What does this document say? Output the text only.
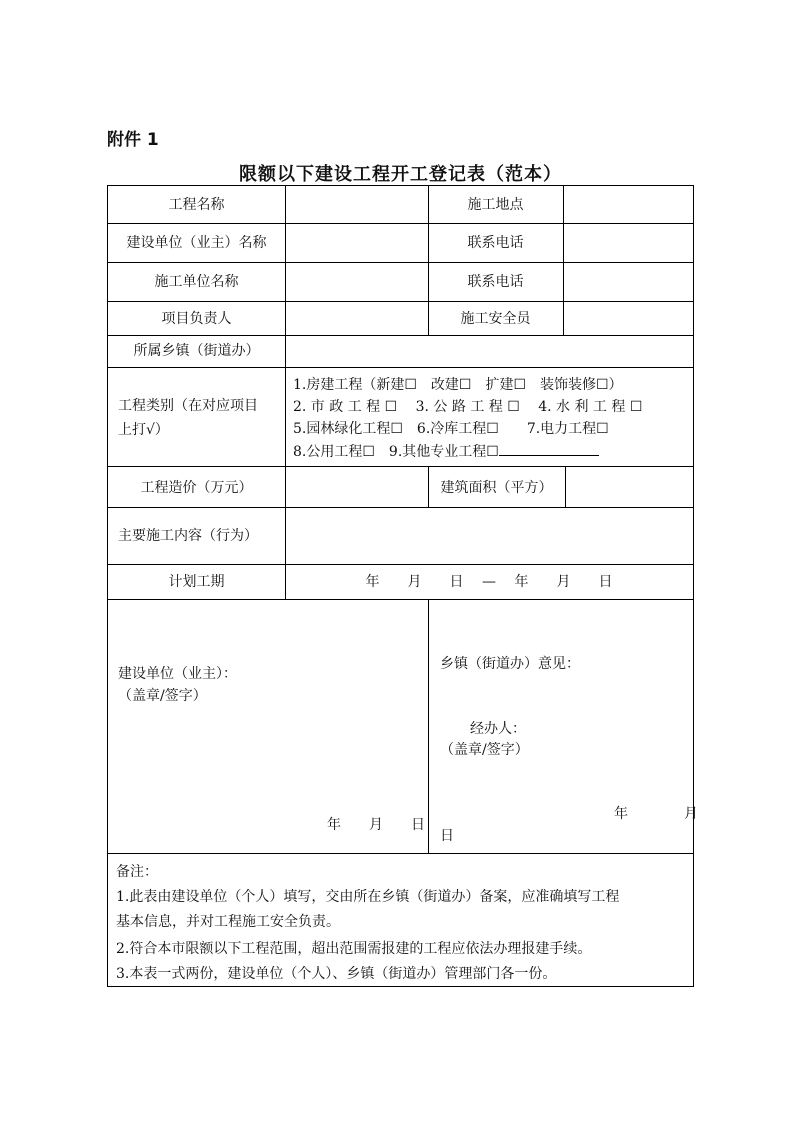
附件 1
限额以下建设工程开工登记表（范本）
工程名称	施工地点
建设单位（业主）名称	联系电话
施工单位名称	联系电话
项目负责人	施工安全员
所属乡镇（街道办）
工程类别（在对应项目
上打√）
1.房建工程（新建☐　改建☐　扩建☐　装饰装修☐）
2. 市 政 工 程 ☐　 3. 公 路 工 程 ☐　 4. 水 利 工 程 ☐
5.园林绿化工程☐　6.冷库工程☐　　7.电力工程☐
8.公用工程☐　9.其他专业工程☐
工程造价（万元）	建筑面积（平方）
主要施工内容（行为）
计划工期	年　　月　　日　 —　 年　　月　　日
建设单位（业主）：
（盖章/签字）
年　　月　　日
乡镇（街道办）意见：
经办人：
（盖章/签字）
年　　　　月
日
备注：
1.此表由建设单位（个人）填写，交由所在乡镇（街道办）备案，应准确填写工程
基本信息，并对工程施工安全负责。
2.符合本市限额以下工程范围，超出范围需报建的工程应依法办理报建手续。
3.本表一式两份，建设单位（个人）、乡镇（街道办）管理部门各一份。
